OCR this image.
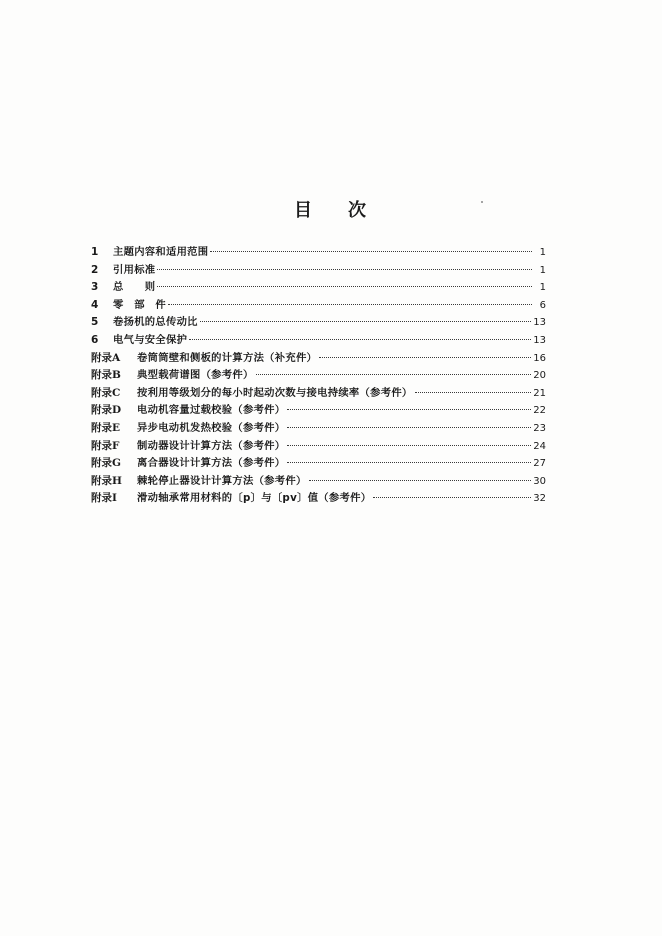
目 次
1	主题内容和适用范围	1
2	引用标准	1
3	总　　则	1
4	零　部　件	6
5	卷扬机的总传动比	13
6	电气与安全保护	13
附录A	卷筒筒壁和侧板的计算方法（补充件）	16
附录B	典型载荷谱图（参考件）	20
附录C	按利用等级划分的每小时起动次数与接电持续率（参考件）	21
附录D	电动机容量过载校验（参考件）	22
附录E	异步电动机发热校验（参考件）	23
附录F	制动器设计计算方法（参考件）	24
附录G	离合器设计计算方法（参考件）	27
附录H	棘轮停止器设计计算方法（参考件）	30
附录I	滑动轴承常用材料的〔p〕与〔pv〕值（参考件）	32
